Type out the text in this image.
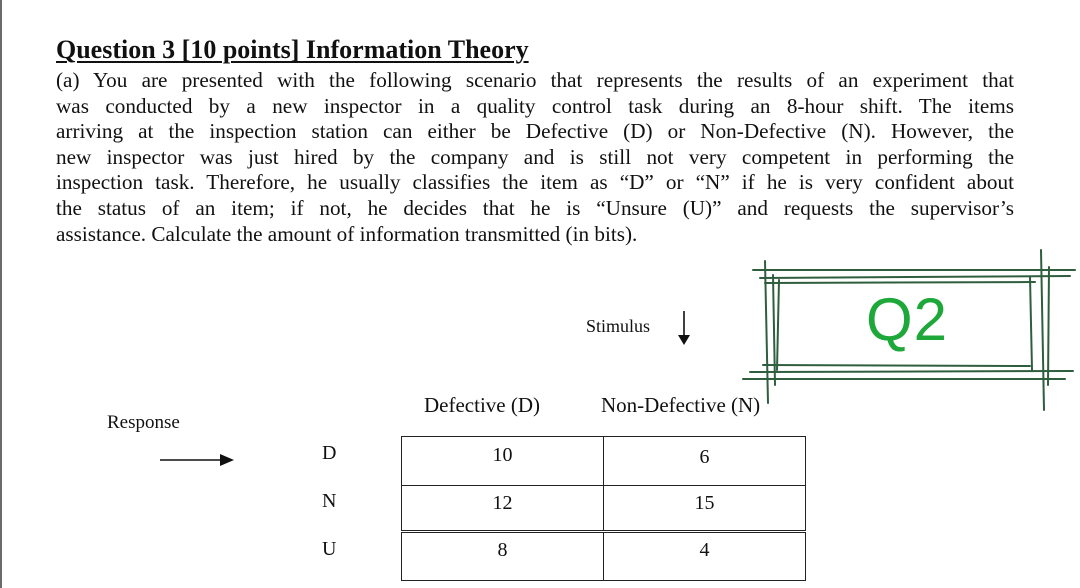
Question 3 [10 points] Information Theory
(a) You are presented with the following scenario that represents the results of an experiment that
was conducted by a new inspector in a quality control task during an 8-hour shift. The items
arriving at the inspection station can either be Defective (D) or Non-Defective (N). However, the
new inspector was just hired by the company and is still not very competent in performing the
inspection task. Therefore, he usually classifies the item as “D” or “N” if he is very confident about
the status of an item; if not, he decides that he is “Unsure (U)” and requests the supervisor’s
assistance. Calculate the amount of information transmitted (in bits).
Stimulus
Defective (D)	Non-Defective (N)
Response
D	10	6
N	12	15
U	8	4
Q2
